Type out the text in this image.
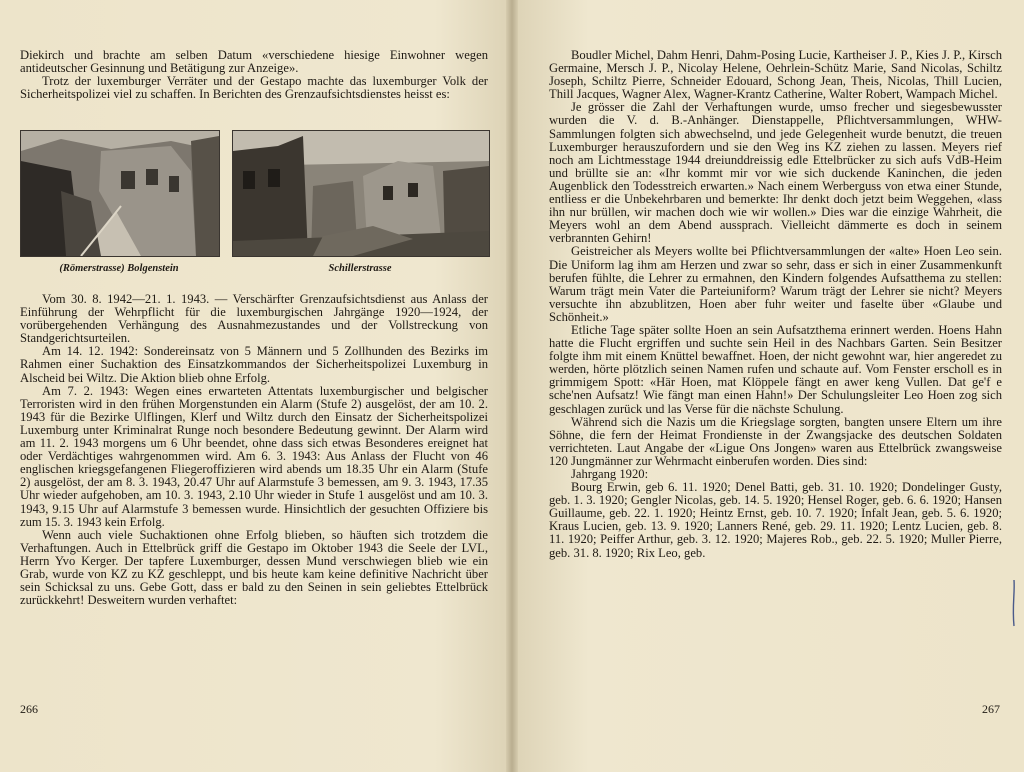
Diekirch und brachte am selben Datum «verschiedene hiesige Einwohner wegen antideutscher Gesinnung und Betätigung zur Anzeige».

Trotz der luxemburger Verräter und der Gestapo machte das luxemburger Volk der Sicherheitspolizei viel zu schaffen. In Berichten des Grenzaufsichtsdienstes heisst es:

(Römerstrasse) Bolgenstein	Schillerstrasse

Vom 30. 8. 1942—21. 1. 1943. — Verschärfter Grenzaufsichtsdienst aus Anlass der Einführung der Wehrpflicht für die luxemburgischen Jahrgänge 1920—1924, der vorübergehenden Verhängung des Ausnahmezustandes und der Vollstreckung von Standgerichtsurteilen.

Am 14. 12. 1942: Sondereinsatz von 5 Männern und 5 Zollhunden des Bezirks im Rahmen einer Suchaktion des Einsatzkommandos der Sicherheitspolizei Luxemburg in Alscheid bei Wiltz. Die Aktion blieb ohne Erfolg.

Am 7. 2. 1943: Wegen eines erwarteten Attentats luxemburgischer und belgischer Terroristen wird in den frühen Morgenstunden ein Alarm (Stufe 2) ausgelöst, der am 10. 2. 1943 für die Bezirke Ulflingen, Klerf und Wiltz durch den Einsatz der Sicherheitspolizei Luxemburg unter Kriminalrat Runge noch besondere Bedeutung gewinnt. Der Alarm wird am 11. 2. 1943 morgens um 6 Uhr beendet, ohne dass sich etwas Besonderes ereignet hat oder Verdächtiges wahrgenommen wird. Am 6. 3. 1943: Aus Anlass der Flucht von 46 englischen kriegsgefangenen Fliegeroffizieren wird abends um 18.35 Uhr ein Alarm (Stufe 2) ausgelöst, der am 8. 3. 1943, 20.47 Uhr auf Alarmstufe 3 bemessen, am 9. 3. 1943, 17.35 Uhr wieder aufgehoben, am 10. 3. 1943, 2.10 Uhr wieder in Stufe 1 ausgelöst und am 10. 3. 1943, 9.15 Uhr auf Alarmstufe 3 bemessen wurde. Hinsichtlich der gesuchten Offiziere bis zum 15. 3. 1943 kein Erfolg.

Wenn auch viele Suchaktionen ohne Erfolg blieben, so häuften sich trotzdem die Verhaftungen. Auch in Ettelbrück griff die Gestapo im Oktober 1943 die Seele der LVL, Herrn Yvo Kerger. Der tapfere Luxemburger, dessen Mund verschwiegen blieb wie ein Grab, wurde von KZ zu KZ geschleppt, und bis heute kam keine definitive Nachricht über sein Schicksal zu uns. Gebe Gott, dass er bald zu den Seinen in sein geliebtes Ettelbrück zurückkehrt! Desweitern wurden verhaftet:

266

Boudler Michel, Dahm Henri, Dahm-Posing Lucie, Kartheiser J. P., Kies J. P., Kirsch Germaine, Mersch J. P., Nicolay Helene, Oehrlein-Schütz Marie, Sand Nicolas, Schiltz Joseph, Schiltz Pierre, Schneider Edouard, Schong Jean, Theis, Nicolas, Thill Lucien, Thill Jacques, Wagner Alex, Wagner-Krantz Catherine, Walter Robert, Wampach Michel.

Je grösser die Zahl der Verhaftungen wurde, umso frecher und siegesbewusster wurden die V. d. B.-Anhänger. Dienstappelle, Pflichtversammlungen, WHW-Sammlungen folgten sich abwechselnd, und jede Gelegenheit wurde benutzt, die treuen Luxemburger herauszufordern und sie den Weg ins KZ ziehen zu lassen. Meyers rief noch am Lichtmesstage 1944 dreiunddreissig edle Ettelbrücker zu sich aufs VdB-Heim und brüllte sie an: «Ihr kommt mir vor wie sich duckende Kaninchen, die jeden Augenblick den Todesstreich erwarten.» Nach einem Werberguss von etwa einer Stunde, entliess er die Unbekehrbaren und bemerkte: Ihr denkt doch jetzt beim Weggehen, «lass ihn nur brüllen, wir machen doch wie wir wollen.» Dies war die einzige Wahrheit, die Meyers wohl an dem Abend aussprach. Vielleicht dämmerte es doch in seinem verbrannten Gehirn!

Geistreicher als Meyers wollte bei Pflichtversammlungen der «alte» Hoen Leo sein. Die Uniform lag ihm am Herzen und zwar so sehr, dass er sich in einer Zusammenkunft berufen fühlte, die Lehrer zu ermahnen, den Kindern folgendes Aufsatthema zu stellen: Warum trägt mein Vater die Parteiuniform? Warum trägt der Lehrer sie nicht? Meyers versuchte ihn abzublitzen, Hoen aber fuhr weiter und faselte über «Glaube und Schönheit.»

Etliche Tage später sollte Hoen an sein Aufsatzthema erinnert werden. Hoens Hahn hatte die Flucht ergriffen und suchte sein Heil in des Nachbars Garten. Sein Besitzer folgte ihm mit einem Knüttel bewaffnet. Hoen, der nicht gewohnt war, hier angeredet zu werden, hörte plötzlich seinen Namen rufen und schaute auf. Vom Fenster erscholl es in grimmigem Spott: «Här Hoen, mat Klöppele fängt en awer keng Vullen. Dat ge'f e sche'nen Aufsatz! Wie fängt man einen Hahn!» Der Schulungsleiter Leo Hoen zog sich geschlagen zurück und las Verse für die nächste Schulung.

Während sich die Nazis um die Kriegslage sorgten, bangten unsere Eltern um ihre Söhne, die fern der Heimat Frondienste in der Zwangsjacke des deutschen Soldaten verrichteten. Laut Angabe der «Ligue Ons Jongen» waren aus Ettelbrück zwangsweise 120 Jungmänner zur Wehrmacht einberufen worden. Dies sind:

Jahrgang 1920:

Bourg Erwin, geb 6. 11. 1920; Denel Batti, geb. 31. 10. 1920; Dondelinger Gusty, geb. 1. 3. 1920; Gengler Nicolas, geb. 14. 5. 1920; Hensel Roger, geb. 6. 6. 1920; Hansen Guillaume, geb. 22. 1. 1920; Heintz Ernst, geb. 10. 7. 1920; Infalt Jean, geb. 5. 6. 1920; Kraus Lucien, geb. 13. 9. 1920; Lanners René, geb. 29. 11. 1920; Lentz Lucien, geb. 8. 11. 1920; Peiffer Arthur, geb. 3. 12. 1920; Majeres Rob., geb. 22. 5. 1920; Muller Pierre, geb. 31. 8. 1920; Rix Leo, geb.

267
